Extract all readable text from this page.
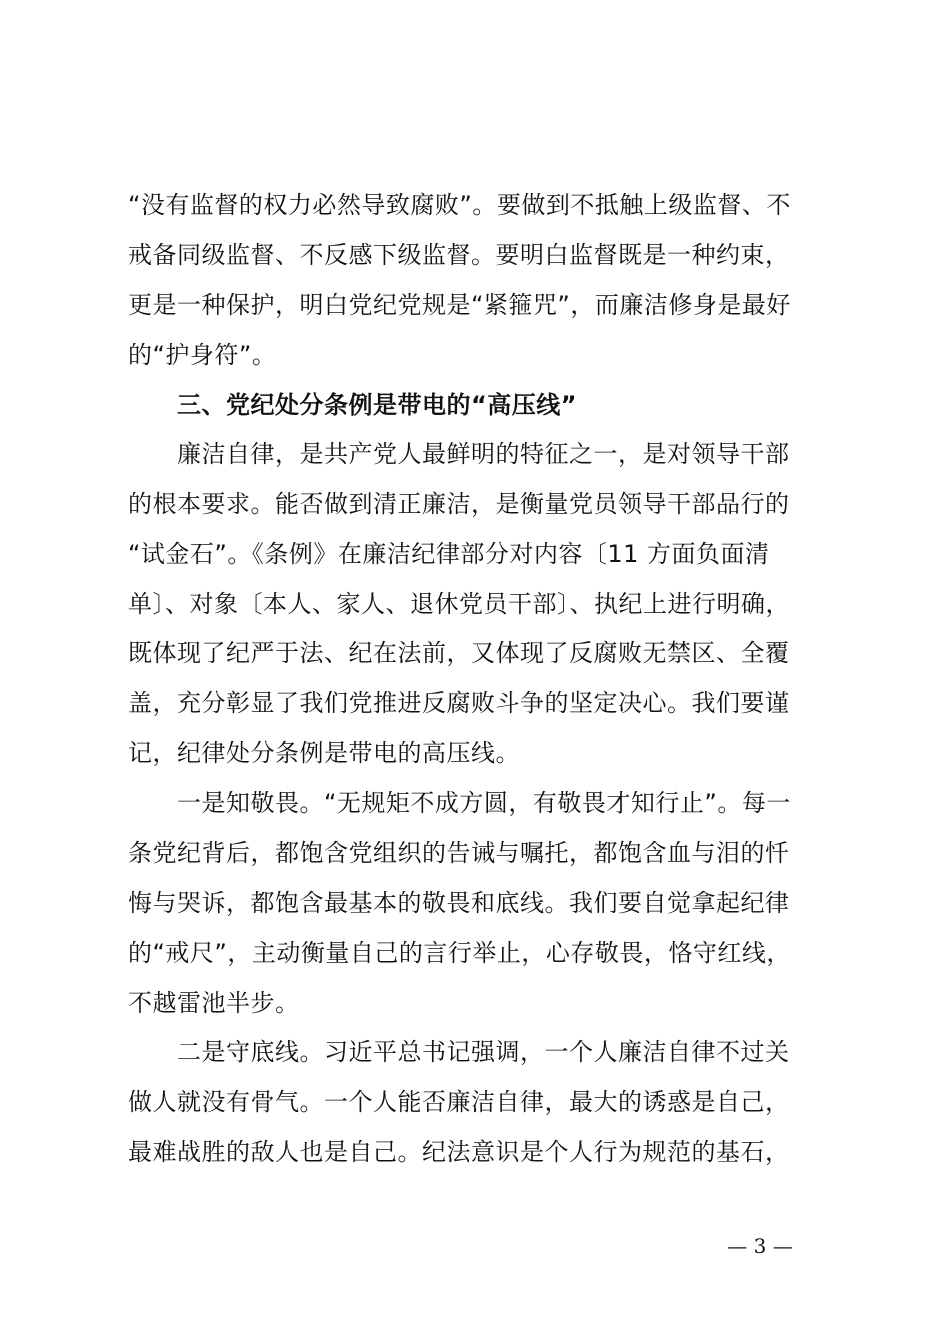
“没有监督的权力必然导致腐败”。要做到不抵触上级监督、不
戒备同级监督、不反感下级监督。要明白监督既是一种约束，
更是一种保护，明白党纪党规是“紧箍咒”，而廉洁修身是最好
的“护身符”。
三、党纪处分条例是带电的“高压线”
廉洁自律，是共产党人最鲜明的特征之一，是对领导干部
的根本要求。能否做到清正廉洁，是衡量党员领导干部品行的
“试金石”。《条例》在廉洁纪律部分对内容〔11 方面负面清
单〕、对象〔本人、家人、退休党员干部〕、执纪上进行明确，
既体现了纪严于法、纪在法前，又体现了反腐败无禁区、全覆
盖，充分彰显了我们党推进反腐败斗争的坚定决心。我们要谨
记，纪律处分条例是带电的高压线。
一是知敬畏。“无规矩不成方圆，有敬畏才知行止”。每一
条党纪背后，都饱含党组织的告诫与嘱托，都饱含血与泪的忏
悔与哭诉，都饱含最基本的敬畏和底线。我们要自觉拿起纪律
的“戒尺”，主动衡量自己的言行举止，心存敬畏，恪守红线，
不越雷池半步。
二是守底线。习近平总书记强调，一个人廉洁自律不过关
做人就没有骨气。一个人能否廉洁自律，最大的诱惑是自己，
最难战胜的敌人也是自己。纪法意识是个人行为规范的基石，
— 3 —
